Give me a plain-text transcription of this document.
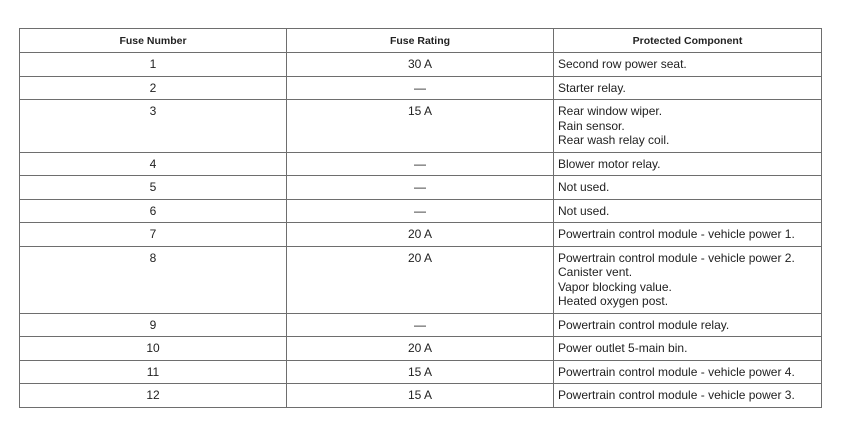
Fuse Number	Fuse Rating	Protected Component
1	30 A	Second row power seat.

2	—	Starter relay.

3	15 A	Rear window wiper.
Rain sensor.
Rear wash relay coil.

4	—	Blower motor relay.

5	—	Not used.

6	—	Not used.

7	20 A	Powertrain control module - vehicle power 1.

8	20 A	Powertrain control module - vehicle power 2.
Canister vent.
Vapor blocking value.
Heated oxygen post.

9	—	Powertrain control module relay.

10	20 A	Power outlet 5-main bin.

11	15 A	Powertrain control module - vehicle power 4.

12	15 A	Powertrain control module - vehicle power 3.
